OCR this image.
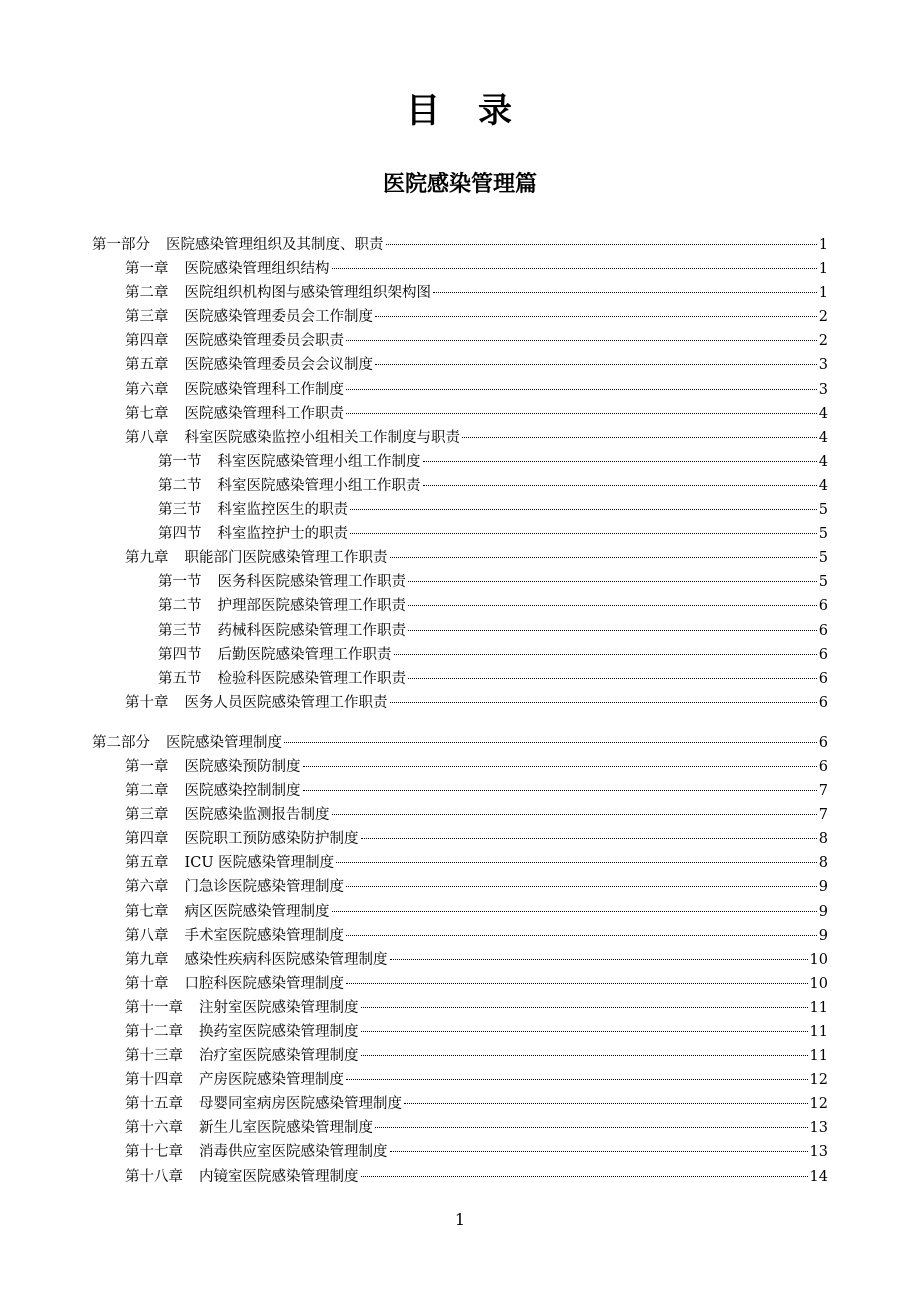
目　录
医院感染管理篇
第一部分 医院感染管理组织及其制度、职责	1
第一章 医院感染管理组织结构	1
第二章 医院组织机构图与感染管理组织架构图	1
第三章 医院感染管理委员会工作制度	2
第四章 医院感染管理委员会职责	2
第五章 医院感染管理委员会会议制度	3
第六章 医院感染管理科工作制度	3
第七章 医院感染管理科工作职责	4
第八章 科室医院感染监控小组相关工作制度与职责	4
第一节 科室医院感染管理小组工作制度	4
第二节 科室医院感染管理小组工作职责	4
第三节 科室监控医生的职责	5
第四节 科室监控护士的职责	5
第九章 职能部门医院感染管理工作职责	5
第一节 医务科医院感染管理工作职责	5
第二节 护理部医院感染管理工作职责	6
第三节 药械科医院感染管理工作职责	6
第四节 后勤医院感染管理工作职责	6
第五节 检验科医院感染管理工作职责	6
第十章 医务人员医院感染管理工作职责	6
第二部分 医院感染管理制度	6
第一章 医院感染预防制度	6
第二章 医院感染控制制度	7
第三章 医院感染监测报告制度	7
第四章 医院职工预防感染防护制度	8
第五章 ICU 医院感染管理制度	8
第六章 门急诊医院感染管理制度	9
第七章 病区医院感染管理制度	9
第八章 手术室医院感染管理制度	9
第九章 感染性疾病科医院感染管理制度	10
第十章 口腔科医院感染管理制度	10
第十一章 注射室医院感染管理制度	11
第十二章 换药室医院感染管理制度	11
第十三章 治疗室医院感染管理制度	11
第十四章 产房医院感染管理制度	12
第十五章 母婴同室病房医院感染管理制度	12
第十六章 新生儿室医院感染管理制度	13
第十七章 消毒供应室医院感染管理制度	13
第十八章 内镜室医院感染管理制度	14
1
